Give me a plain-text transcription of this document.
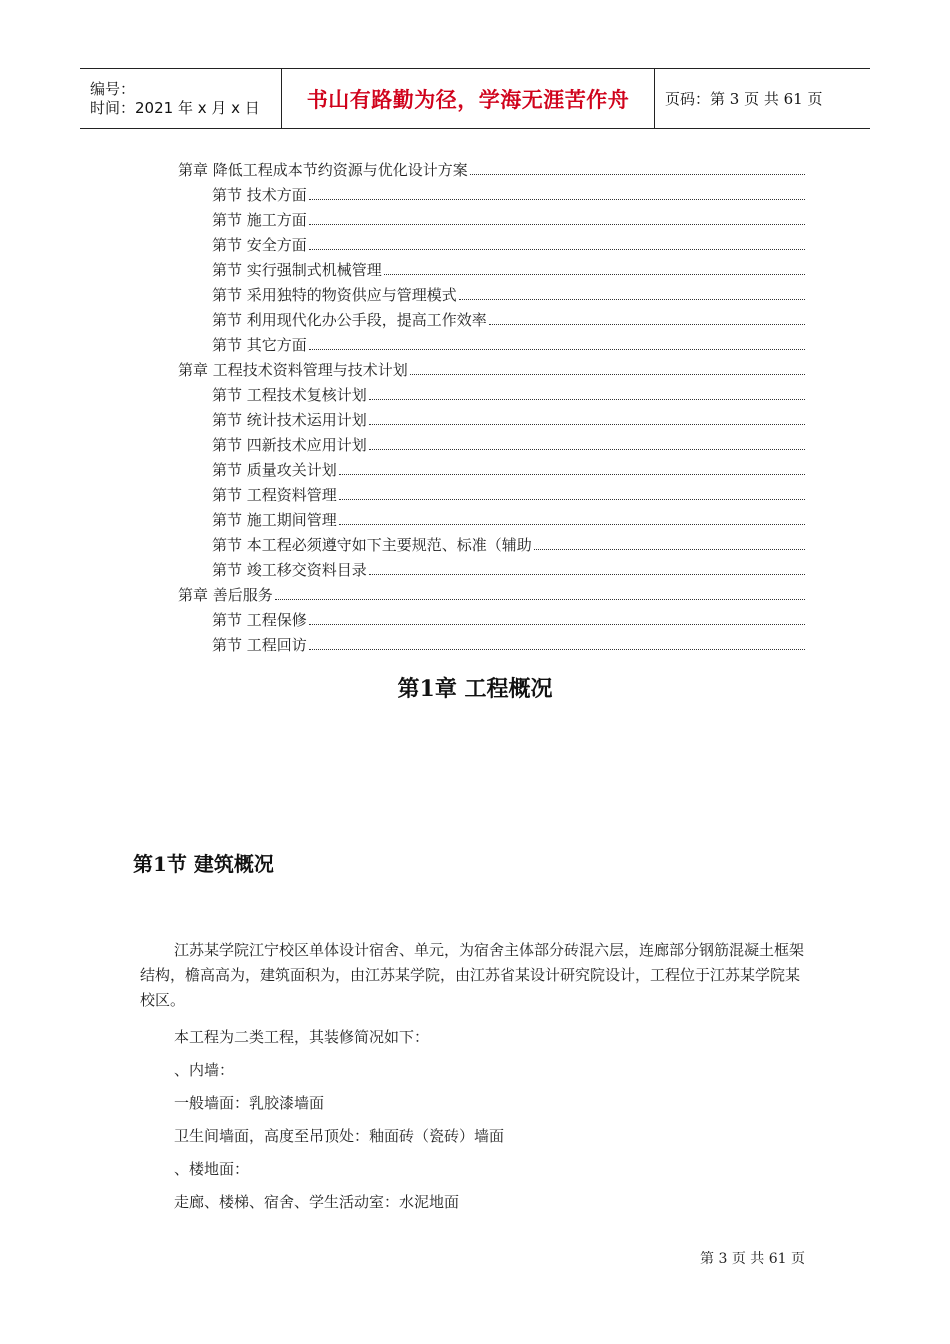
编号：
时间：2021 年 x 月 x 日	书山有路勤为径，学海无涯苦作舟 页码：第 3 页 共 61 页
第章 降低工程成本节约资源与优化设计方案
第节 技术方面
第节 施工方面
第节 安全方面
第节 实行强制式机械管理
第节 采用独特的物资供应与管理模式
第节 利用现代化办公手段，提高工作效率
第节 其它方面
第章 工程技术资料管理与技术计划
第节 工程技术复核计划
第节 统计技术运用计划
第节 四新技术应用计划
第节 质量攻关计划
第节 工程资料管理
第节 施工期间管理
第节 本工程必须遵守如下主要规范、标准（辅助
第节 竣工移交资料目录
第章 善后服务
第节 工程保修
第节 工程回访
第1章 工程概况
第1节 建筑概况

江苏某学院江宁校区单体设计宿舍、单元，为宿舍主体部分砖混六层，连廊部分钢筋混凝土框架结构，檐高高为，建筑面积为，由江苏某学院，由江苏省某设计研究院设计，工程位于江苏某学院某校区。

本工程为二类工程，其装修简况如下：
、内墙：
一般墙面：乳胶漆墙面
卫生间墙面，高度至吊顶处：釉面砖（瓷砖）墙面
、楼地面：
走廊、楼梯、宿舍、学生活动室：水泥地面
第 3 页 共 61 页
